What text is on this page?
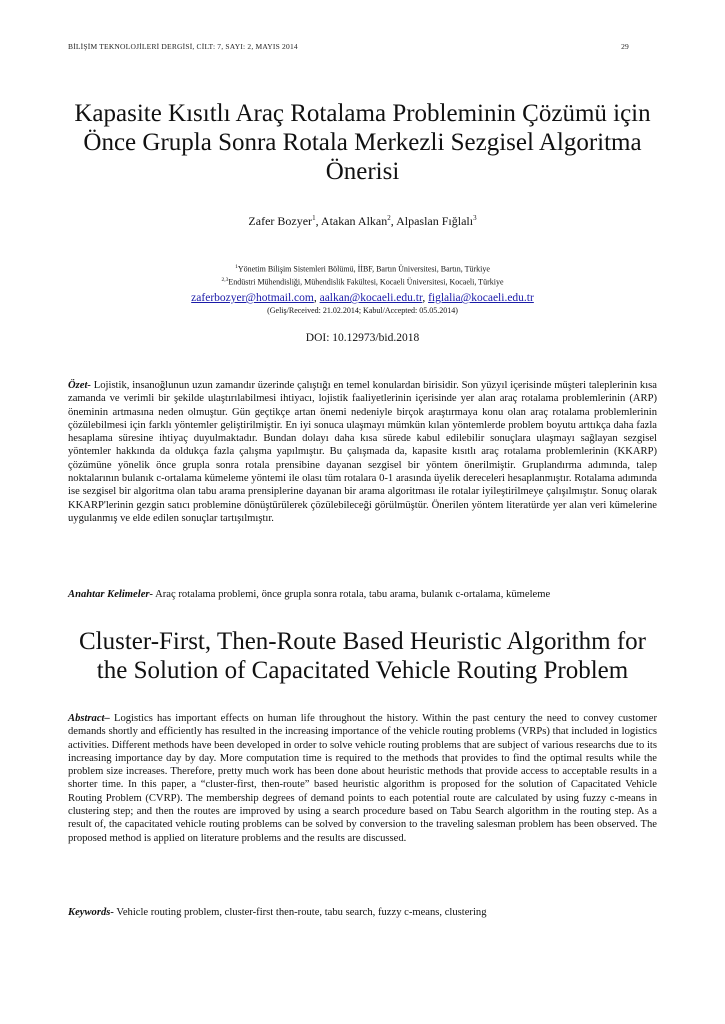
BİLİŞİM TEKNOLOJİLERİ DERGİSİ, CİLT: 7, SAYI: 2, MAYIS 2014	29
Kapasite Kısıtlı Araç Rotalama Probleminin Çözümü için
Önce Grupla Sonra Rotala Merkezli Sezgisel Algoritma
Önerisi
Zafer Bozyer$^1$, Atakan Alkan$^2$, Alpaslan Fığlalı$^3$
$^1$Yönetim Bilişim Sistemleri Bölümü, İİBF, Bartın Üniversitesi, Bartın, Türkiye
$^{2,3}$Endüstri Mühendisliği, Mühendislik Fakültesi, Kocaeli Üniversitesi, Kocaeli, Türkiye
zaferbozyer@hotmail.com, aalkan@kocaeli.edu.tr, figlalia@kocaeli.edu.tr
(Geliş/Received: 21.02.2014; Kabul/Accepted: 05.05.2014)
DOI: 10.12973/bid.2018
Özet- Lojistik, insanoğlunun uzun zamandır üzerinde çalıştığı en temel konulardan birisidir. Son yüzyıl içerisinde müşteri taleplerinin kısa zamanda ve verimli bir şekilde ulaştırılabilmesi ihtiyacı, lojistik faaliyetlerinin içerisinde yer alan araç rotalama problemlerinin (ARP) öneminin artmasına neden olmuştur. Gün geçtikçe artan önemi nedeniyle birçok araştırmaya konu olan araç rotalama problemlerinin çözülebilmesi için farklı yöntemler geliştirilmiştir. En iyi sonuca ulaşmayı mümkün kılan yöntemlerde problem boyutu arttıkça daha fazla hesaplama süresine ihtiyaç duyulmaktadır. Bundan dolayı daha kısa sürede kabul edilebilir sonuçlara ulaşmayı sağlayan sezgisel yöntemler hakkında da oldukça fazla çalışma yapılmıştır. Bu çalışmada da, kapasite kısıtlı araç rotalama problemlerinin (KKARP) çözümüne yönelik önce grupla sonra rotala prensibine dayanan sezgisel bir yöntem önerilmiştir. Gruplandırma adımında, talep noktalarının bulanık c-ortalama kümeleme yöntemi ile olası tüm rotalara 0-1 arasında üyelik dereceleri hesaplanmıştır. Rotalama adımında ise sezgisel bir algoritma olan tabu arama prensiplerine dayanan bir arama algoritması ile rotalar iyileştirilmeye çalışılmıştır. Sonuç olarak KKARP'lerinin gezgin satıcı problemine dönüştürülerek çözülebileceği görülmüştür. Önerilen yöntem literatürde yer alan veri kümelerine uygulanmış ve elde edilen sonuçlar tartışılmıştır.
Anahtar Kelimeler- Araç rotalama problemi, önce grupla sonra rotala, tabu arama, bulanık c-ortalama, kümeleme
Cluster-First, Then-Route Based Heuristic Algorithm for
the Solution of Capacitated Vehicle Routing Problem
Abstract– Logistics has important effects on human life throughout the history. Within the past century the need to convey customer demands shortly and efficiently has resulted in the increasing importance of the vehicle routing problems (VRPs) that included in logistics activities. Different methods have been developed in order to solve vehicle routing problems that are subject of various researchs due to its increasing importance day by day. More computation time is required to the methods that provides to find the optimal results while the problem size increases. Therefore, pretty much work has been done about heuristic methods that provide access to acceptable results in a shorter time. In this paper, a “cluster-first, then-route” based heuristic algorithm is proposed for the solution of Capacitated Vehicle Routing Problem (CVRP). The membership degrees of demand points to each potential route are calculated by using fuzzy c-means in clustering step; and then the routes are improved by using a search procedure based on Tabu Search algorithm in the routing step. As a result of, the capacitated vehicle routing problems can be solved by conversion to the traveling salesman problem has been observed. The proposed method is applied on literature problems and the results are discussed.
Keywords- Vehicle routing problem, cluster-first then-route, tabu search, fuzzy c-means, clustering
